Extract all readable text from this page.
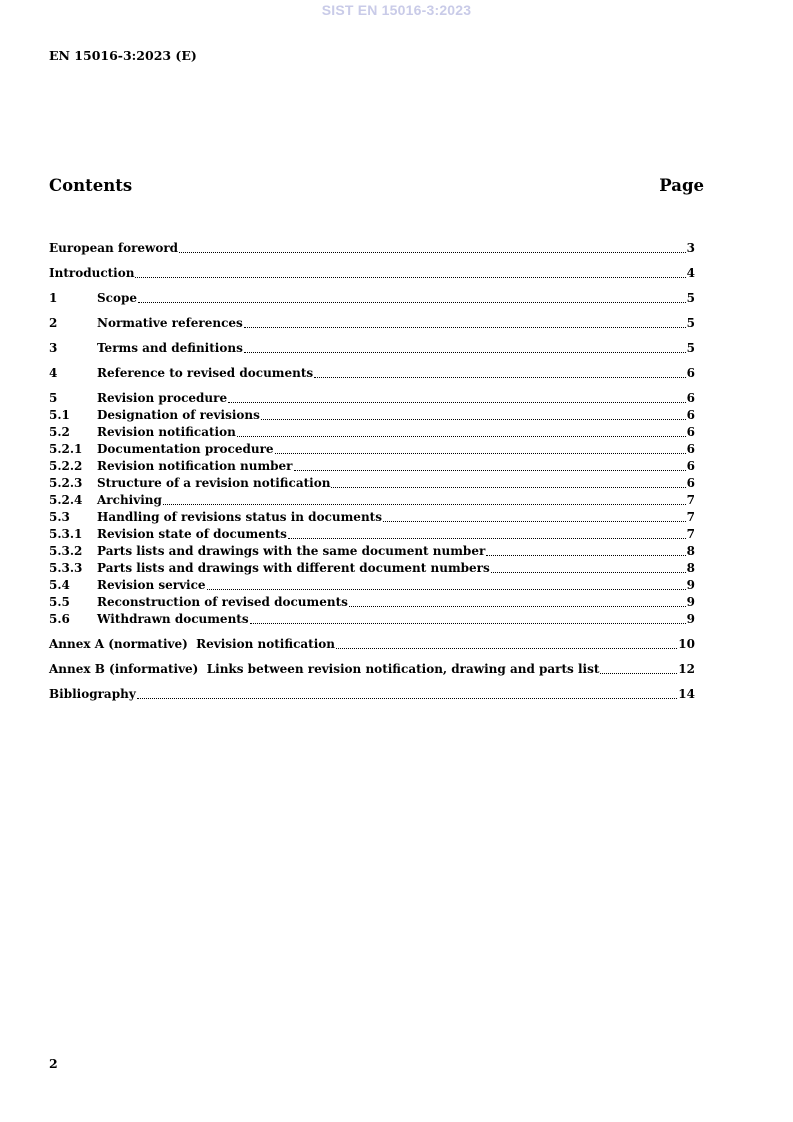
SIST EN 15016-3:2023
EN 15016-3:2023 (E)
Contents	Page
European foreword	3
Introduction	4
1	Scope	5
2	Normative references	5
3	Terms and definitions	5
4	Reference to revised documents	6
5	Revision procedure	6
5.1	Designation of revisions	6
5.2	Revision notification	6
5.2.1	Documentation procedure	6
5.2.2	Revision notification number	6
5.2.3	Structure of a revision notification	6
5.2.4	Archiving	7
5.3	Handling of revisions status in documents	7
5.3.1	Revision state of documents	7
5.3.2	Parts lists and drawings with the same document number	8
5.3.3	Parts lists and drawings with different document numbers	8
5.4	Revision service	9
5.5	Reconstruction of revised documents	9
5.6	Withdrawn documents	9
Annex A (normative)  Revision notification	10
Annex B (informative)  Links between revision notification, drawing and parts list	12
Bibliography	14
2
